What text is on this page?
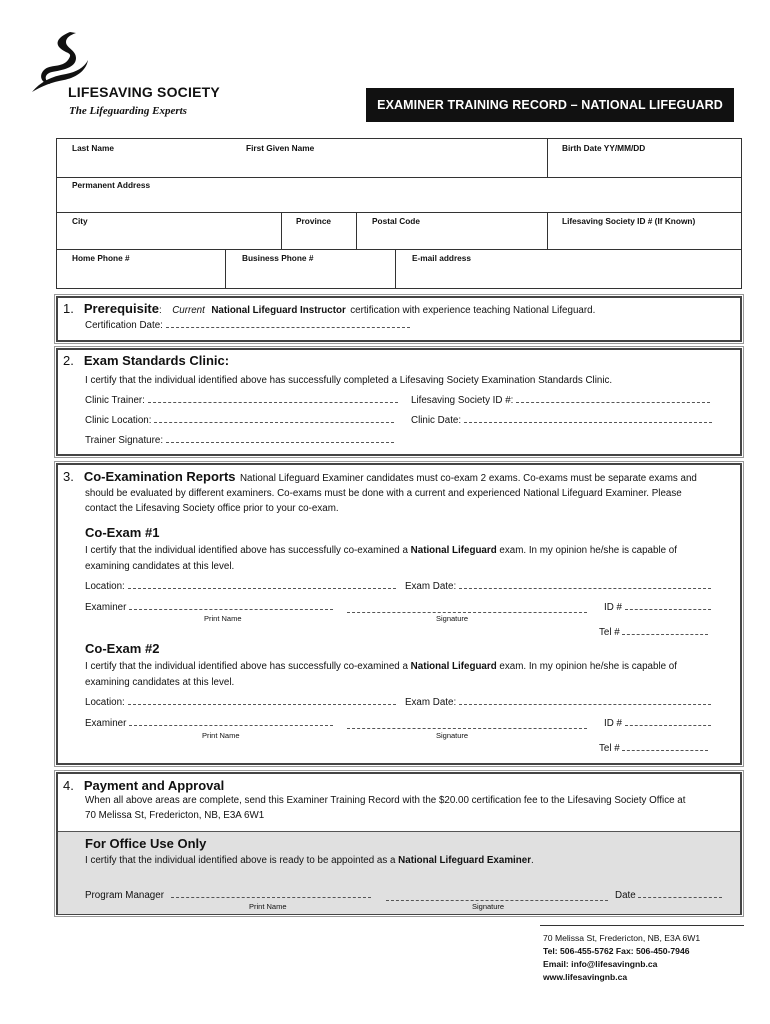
LIFESAVING SOCIETY
The Lifeguarding Experts	EXAMINER TRAINING RECORD – NATIONAL LIFEGUARD
Last Name	First Given Name	Birth Date YY/MM/DD
Permanent Address
City	Province	Postal Code	Lifesaving Society ID # (If Known)
Home Phone #	Business Phone #	E-mail address
1. Prerequisite: Current National Lifeguard Instructor certification with experience teaching National Lifeguard.
Certification Date:
2. Exam Standards Clinic:
I certify that the individual identified above has successfully completed a Lifesaving Society Examination Standards Clinic.
Clinic Trainer:	Lifesaving Society ID #:
Clinic Location:	Clinic Date:
Trainer Signature:
3. Co-Examination Reports National Lifeguard Examiner candidates must co-exam 2 exams. Co-exams must be separate exams and
should be evaluated by different examiners. Co-exams must be done with a current and experienced National Lifeguard Examiner. Please
contact the Lifesaving Society office prior to your co-exam.
Co-Exam #1
I certify that the individual identified above has successfully co-examined a National Lifeguard exam. In my opinion he/she is capable of
examining candidates at this level.
Location:	Exam Date:
Examiner	ID #
Print Name	Signature
Tel #
Co-Exam #2
I certify that the individual identified above has successfully co-examined a National Lifeguard exam. In my opinion he/she is capable of
examining candidates at this level.
Location:	Exam Date:
Examiner	ID #
Print Name	Signature
Tel #
4. Payment and Approval
When all above areas are complete, send this Examiner Training Record with the $20.00 certification fee to the Lifesaving Society Office at
70 Melissa St, Fredericton, NB, E3A 6W1
For Office Use Only
I certify that the individual identified above is ready to be appointed as a National Lifeguard Examiner.
Program Manager	Date
Print Name	Signature
70 Melissa St, Fredericton, NB, E3A 6W1
Tel: 506-455-5762 Fax: 506-450-7946
Email: info@lifesavingnb.ca
www.lifesavingnb.ca
